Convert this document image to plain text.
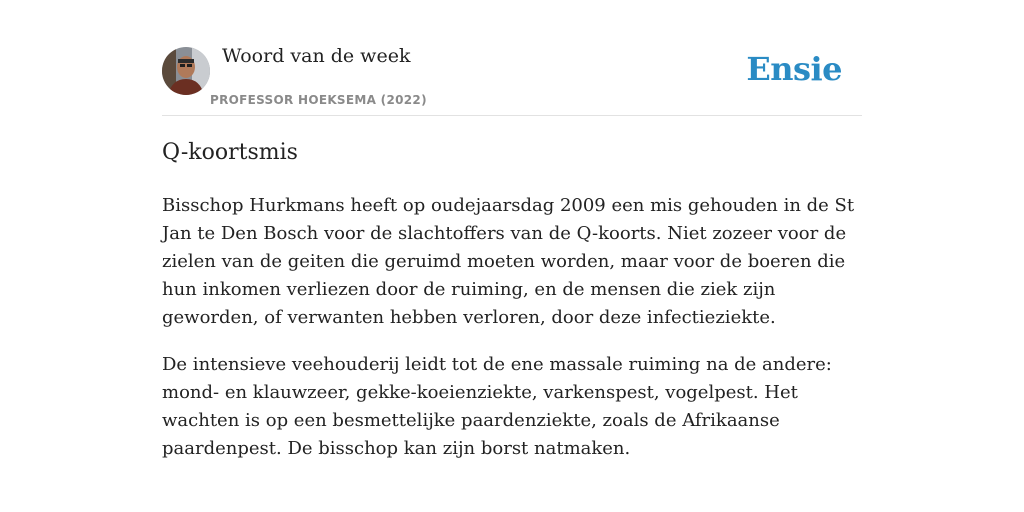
Woord van de week
PROFESSOR HOEKSEMA (2022)
Ensie
Q-koortsmis

Bisschop Hurkmans heeft op oudejaarsdag 2009 een mis gehouden in de St Jan te Den Bosch voor de slachtoffers van de Q-koorts. Niet zozeer voor de zielen van de geiten die geruimd moeten worden, maar voor de boeren die hun inkomen verliezen door de ruiming, en de mensen die ziek zijn geworden, of verwanten hebben verloren, door deze infectieziekte.

De intensieve veehouderij leidt tot de ene massale ruiming na de andere: mond- en klauwzeer, gekke-koeienziekte, varkenspest, vogelpest. Het wachten is op een besmettelijke paardenziekte, zoals de Afrikaanse paardenpest. De bisschop kan zijn borst natmaken.
